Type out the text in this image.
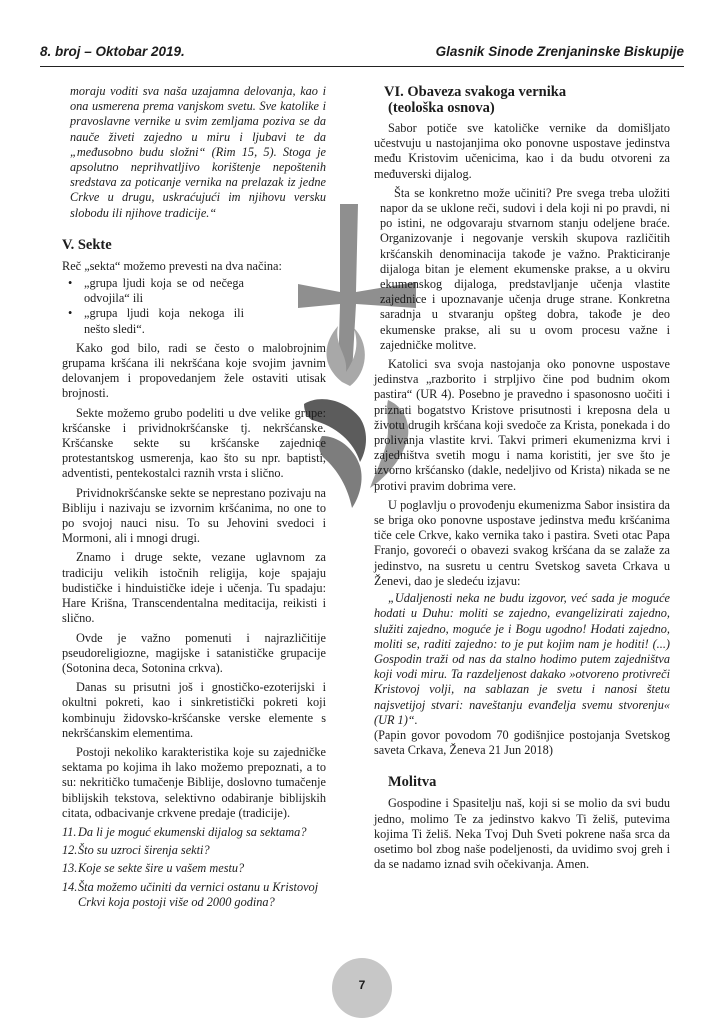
8. broj – Oktobar 2019.	Glasnik Sinode Zrenjaninske Biskupije

moraju voditi sva naša uzajamna delovanja, kao i ona usmerena prema vanjskom svetu. Sve katolike i pravoslavne vernike u svim zemljama poziva se da nauče živeti zajedno u miru i ljubavi te da „međusobno budu složni“ (Rim 15, 5). Stoga je apsolutno neprihvatljivo korištenje nepoštenih sredstava za poticanje vernika na prelazak iz jedne Crkve u drugu, uskraćujući im njihovu versku slobodu ili njihove tradicije.“

V. Sekte

Reč „sekta“ možemo prevesti na dva načina:

• „grupa ljudi koja se od nečega odvojila“ ili
• „grupa ljudi koja nekoga ili nešto sledi“.

Kako god bilo, radi se često o malobrojnim grupama kršćana ili nekršćana koje svojim javnim delovanjem i propovedanjem žele ostaviti utisak brojnosti.

Sekte možemo grubo podeliti u dve velike grupe: kršćanske i prividnokršćanske tj. nekršćanske. Kršćanske sekte su kršćanske zajednice protestantskog usmerenja, kao što su npr. baptisti, adventisti, pentekostalci raznih vrsta i slično.

Prividnokršćanske sekte se neprestano pozivaju na Bibliju i nazivaju se izvornim kršćanima, no one to po svojoj nauci nisu. To su Jehovini svedoci i Mormoni, ali i mnogi drugi.

Znamo i druge sekte, vezane uglavnom za tradiciju velikih istočnih religija, koje spajaju budističke i hinduističke ideje i učenja. Tu spadaju: Hare Krišna, Transcendentalna meditacija, reikisti i slično.

Ovde je važno pomenuti i najrazličitije pseudoreligiozne, magijske i satanističke grupacije (Sotonina deca, Sotonina crkva).

Danas su prisutni još i gnostičko-ezoterijski i okultni pokreti, kao i sinkretistički pokreti koji kombinuju židovsko-kršćanske verske elemente s nekršćanskim elementima.

Postoji nekoliko karakteristika koje su zajedničke sektama po kojima ih lako možemo prepoznati, a to su: nekritičko tumačenje Biblije, doslovno tumačenje biblijskih tekstova, selektivno odabiranje biblijskih citata, odbacivanje crkvene predaje (tradicije).

11. Da li je moguć ekumenski dijalog sa sektama?
12. Što su uzroci širenja sekti?
13. Koje se sekte šire u vašem mestu?
14. Šta možemo učiniti da vernici ostanu u Kristovoj Crkvi koja postoji više od 2000 godina?
VI. Obaveza svakoga vernika
(teološka osnova)

Sabor potiče sve katoličke vernike da domišljato učestvuju u nastojanjima oko ponovne uspostave jedinstva među Kristovim učenicima, kao i da budu otvoreni za međuverski dijalog.

Šta se konkretno može učiniti? Pre svega treba uložiti napor da se uklone reči, sudovi i dela koji ni po pravdi, ni po istini, ne odgovaraju stvarnom stanju odeljene braće. Organizovanje i negovanje verskih skupova različitih kršćanskih denominacija takođe je važno. Prakticiranje dijaloga bitan je element ekumenske prakse, a u okviru ekumenskog dijaloga, predstavljanje učenja vlastite zajednice i upoznavanje učenja druge strane. Konkretna saradnja u stvaranju opšteg dobra, takođe je deo ekumenske prakse, ali su u ovom procesu važne i zajedničke molitve.

Katolici sva svoja nastojanja oko ponovne uspostave jedinstva „razborito i strpljivo čine pod budnim okom pastira“ (UR 4). Posebno je pravedno i spasonosno uočiti i priznati bogatstvo Kristove prisutnosti i kreposna dela u životu drugih kršćana koji svedoče za Krista, ponekada i do prolivanja vlastite krvi. Takvi primeri ekumenizma krvi i zajedništva svetih mogu i nama koristiti, jer sve što je izvorno kršćansko (dakle, nedeljivo od Krista) nikada se ne protivi pravim dobrima vere.

U poglavlju o provođenju ekumenizma Sabor insistira da se briga oko ponovne uspostave jedinstva među kršćanima tiče cele Crkve, kako vernika tako i pastira. Sveti otac Papa Franjo, govoreći o obavezi svakog kršćana da se zalaže za jedinstvo, na susretu u centru Svetskog saveta Crkava u Ženevi, dao je sledeću izjavu:

„Udaljenosti neka ne budu izgovor, već sada je moguće hodati u Duhu: moliti se zajedno, evangelizirati zajedno, služiti zajedno, moguće je i Bogu ugodno! Hodati zajedno, moliti se, raditi zajedno: to je put kojim nam je hoditi! (...) Gospodin traži od nas da stalno hodimo putem zajedništva koji vodi miru. Ta razdeljenost dakako »otvoreno protivreči Kristovoj volji, na sablazan je svetu i nanosi štetu najsvetijoj stvari: naveštanju evanđelja svemu stvorenju« (UR 1)“.

(Papin govor povodom 70 godišnjice postojanja Svetskog saveta Crkava, Ženeva 21 Jun 2018)

Molitva

Gospodine i Spasitelju naš, koji si se molio da svi budu jedno, molimo Te za jedinstvo kakvo Ti želiš, putevima kojima Ti želiš. Neka Tvoj Duh Sveti pokrene naša srca da osetimo bol zbog naše podeljenosti, da uvidimo svoj greh i da se nadamo iznad svih očekivanja. Amen.

7
